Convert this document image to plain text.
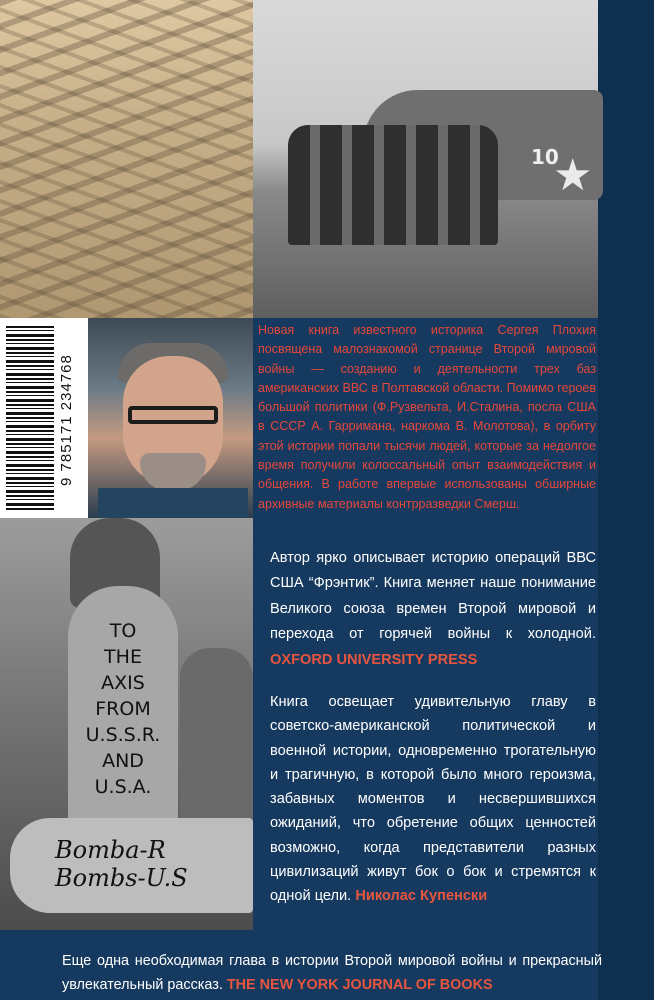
10
★
9 785171 234768
TO
THE
AXIS
FROM
U.S.S.R.
AND
U.S.A.
Bomba-R Bombs-U.S
Новая книга известного историка Сергея Плохия посвящена малознакомой странице Второй мировой войны — созданию и деятельности трех баз американских ВВС в Полтавской области. Помимо героев большой политики (Ф.Рузвельта, И.Сталина, посла США в СССР А. Гарримана, наркома В. Молотова), в орбиту этой истории попали тысячи людей, которые за недолгое время получили колоссальный опыт взаимодействия и общения. В работе впервые использованы обширные архивные материалы контрразведки Смерш.
Автор ярко описывает историю операций ВВС США “Фрэнтик”. Книга меняет наше понимание Великого союза времен Второй мировой и перехода от горячей войны к холодной. OXFORD UNIVERSITY PRESS
Книга освещает удивительную главу в советско-американской политической и военной истории, одновременно трогательную и трагичную, в которой было много героизма, забавных моментов и несвершившихся ожиданий, что обретение общих ценностей возможно, когда представители разных цивилизаций живут бок о бок и стремятся к одной цели. Николас Купенски
Еще одна необходимая глава в истории Второй мировой войны и прекрасный увлекательный рассказ. THE NEW YORK JOURNAL OF BOOKS
